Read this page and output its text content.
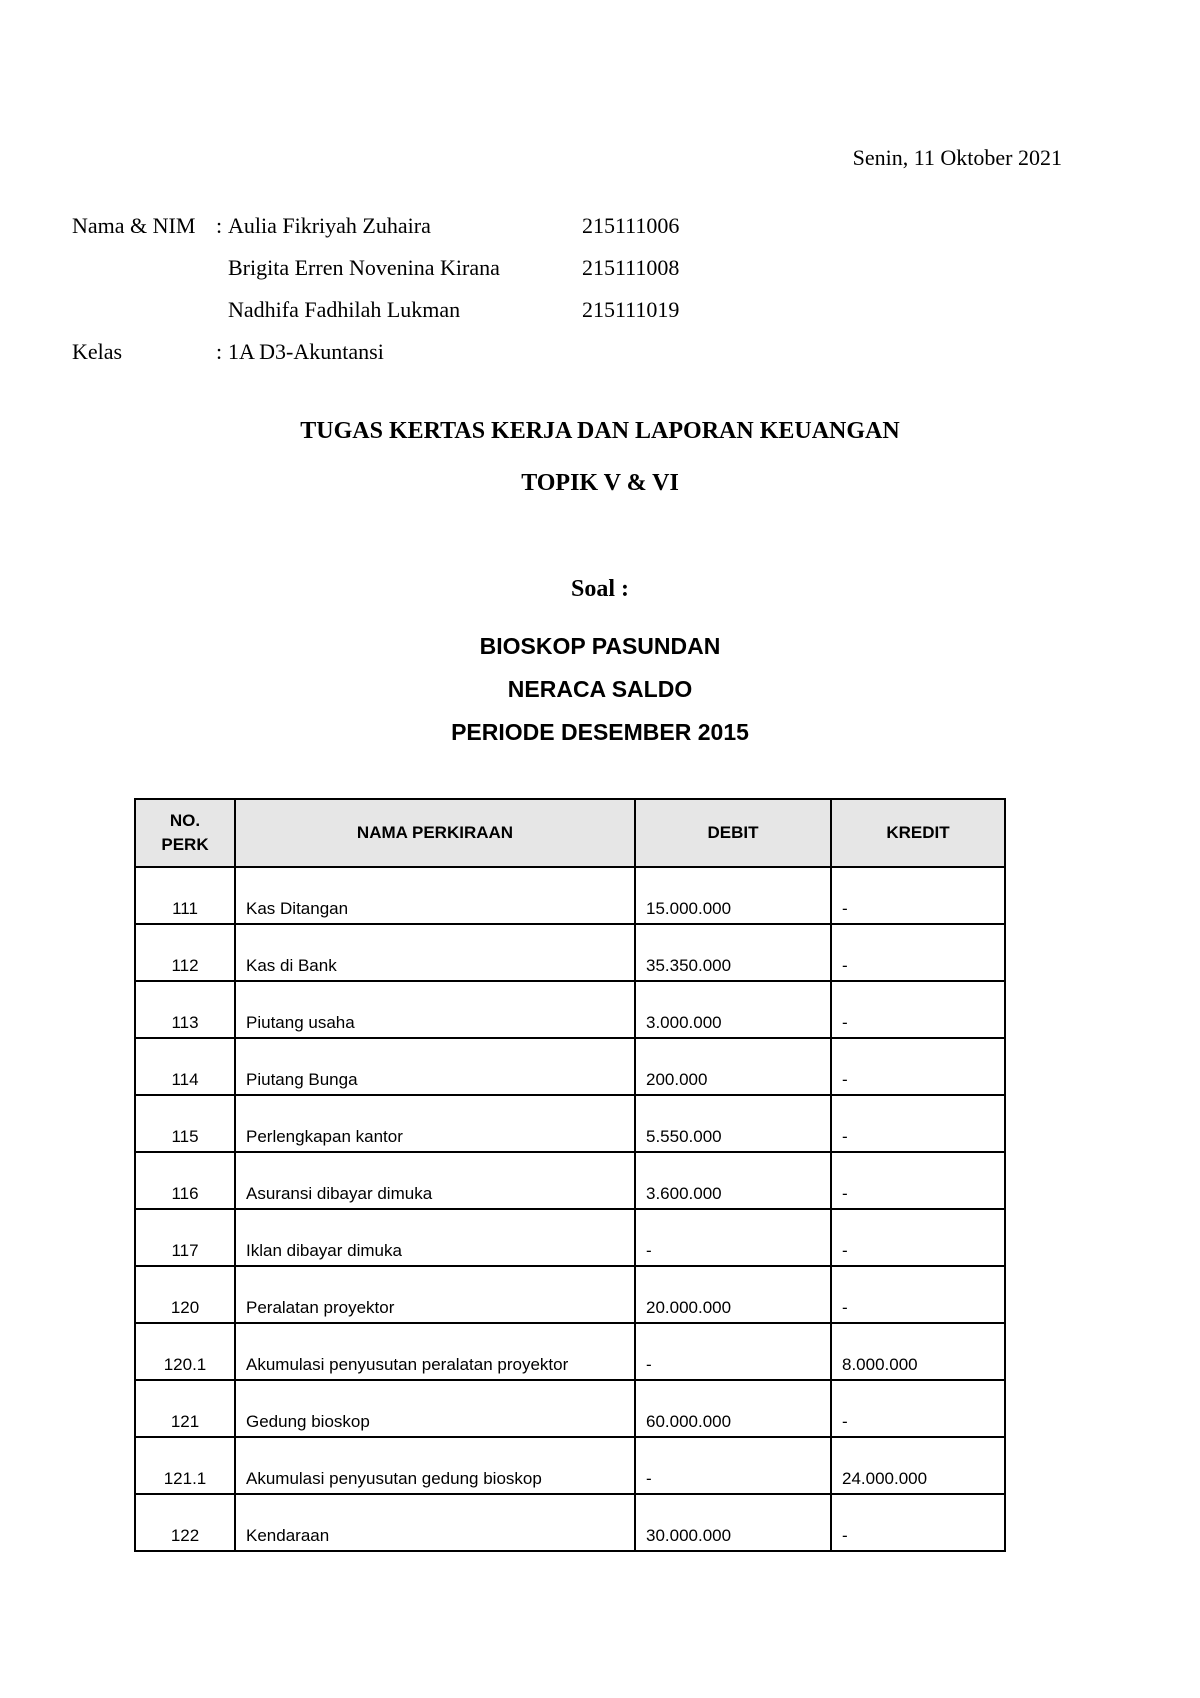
Senin, 11 Oktober 2021
Nama & NIM : Aulia Fikriyah Zuhaira	215111006
Brigita Erren Novenina Kirana	215111008
Nadhifa Fadhilah Lukman	215111019
Kelas	: 1A D3-Akuntansi
TUGAS KERTAS KERJA DAN LAPORAN KEUANGAN
TOPIK V & VI
Soal :
BIOSKOP PASUNDAN
NERACA SALDO
PERIODE DESEMBER 2015
NO. PERK	NAMA PERKIRAAN	DEBIT	KREDIT
111	Kas Ditangan	15.000.000	-
112	Kas di Bank	35.350.000	-
113	Piutang usaha	3.000.000	-
114	Piutang Bunga	200.000	-
115	Perlengkapan kantor	5.550.000	-
116	Asuransi dibayar dimuka	3.600.000	-
117	Iklan dibayar dimuka	-	-
120	Peralatan proyektor	20.000.000	-
120.1	Akumulasi penyusutan peralatan proyektor	-	8.000.000
121	Gedung bioskop	60.000.000	-
121.1	Akumulasi penyusutan gedung bioskop	-	24.000.000
122	Kendaraan	30.000.000	-
